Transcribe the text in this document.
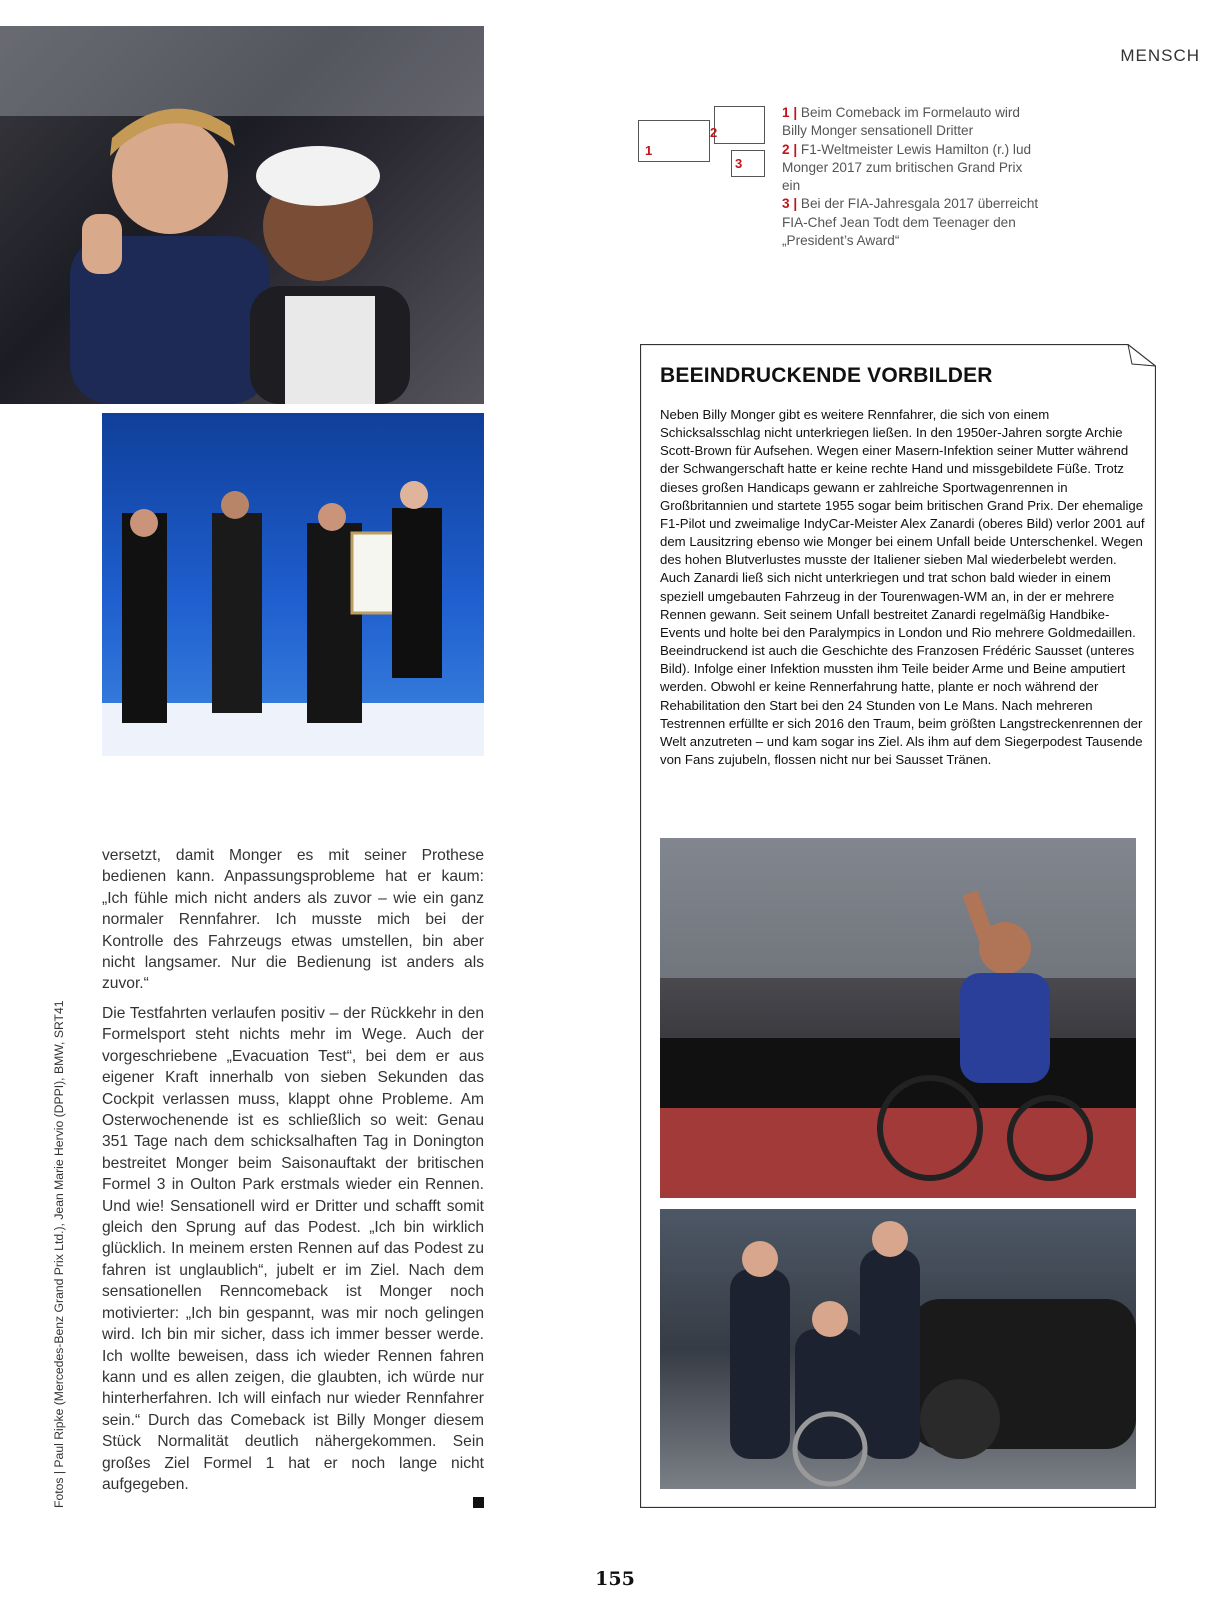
MENSCH
1
2
3

1 | Beim Comeback im Formelauto wird Billy Monger sensationell Dritter

2 | F1-Weltmeister Lewis Hamilton (r.) lud Monger 2017 zum britischen Grand Prix ein

3 | Bei der FIA-Jahresgala 2017 überreicht FIA-Chef Jean Todt dem Teenager den „President’s Award“

BEEINDRUCKENDE VORBILDER
Neben Billy Monger gibt es weitere Rennfahrer, die sich von einem Schicksalsschlag nicht unterkriegen ließen. In den 1950er-Jahren sorgte Archie Scott-Brown für Aufsehen. Wegen einer Masern-Infektion seiner Mutter während der Schwangerschaft hatte er keine rechte Hand und missgebildete Füße. Trotz dieses großen Handicaps gewann er zahlreiche Sportwagenrennen in Großbritannien und startete 1955 sogar beim britischen Grand Prix. Der ehemalige F1-Pilot und zweimalige IndyCar-Meister Alex Zanardi (oberes Bild) verlor 2001 auf dem Lausitzring ebenso wie Monger bei einem Unfall beide Unterschenkel. Wegen des hohen Blutverlustes musste der Italiener sieben Mal wiederbelebt werden. Auch Zanardi ließ sich nicht unterkriegen und trat schon bald wieder in einem speziell umgebauten Fahrzeug in der Tourenwagen-WM an, in der er mehrere Rennen gewann. Seit seinem Unfall bestreitet Zanardi regelmäßig Handbike-Events und holte bei den Paralympics in London und Rio mehrere Goldmedaillen. Beeindruckend ist auch die Geschichte des Franzosen Frédéric Sausset (unteres Bild). Infolge einer Infektion mussten ihm Teile beider Arme und Beine amputiert werden. Obwohl er keine Rennerfahrung hatte, plante er noch während der Rehabilitation den Start bei den 24 Stunden von Le Mans. Nach mehreren Testrennen erfüllte er sich 2016 den Traum, beim größten Langstreckenrennen der Welt anzutreten – und kam sogar ins Ziel. Als ihm auf dem Siegerpodest Tausende von Fans zujubeln, flossen nicht nur bei Sausset Tränen.
versetzt, damit Monger es mit seiner Prothese bedienen kann. Anpassungsprobleme hat er kaum: „Ich fühle mich nicht anders als zuvor – wie ein ganz normaler Rennfahrer. Ich musste mich bei der Kontrolle des Fahrzeugs etwas umstellen, bin aber nicht langsamer. Nur die Bedienung ist anders als zuvor.“
Die Testfahrten verlaufen positiv – der Rückkehr in den Formelsport steht nichts mehr im Wege. Auch der vorgeschriebene „Evacuation Test“, bei dem er aus eigener Kraft innerhalb von sieben Sekunden das Cockpit verlassen muss, klappt ohne Probleme. Am Osterwochenende ist es schließlich so weit: Genau 351 Tage nach dem schicksalhaften Tag in Donington bestreitet Monger beim Saisonauftakt der britischen Formel 3 in Oulton Park erstmals wieder ein Rennen. Und wie! Sensationell wird er Dritter und schafft somit gleich den Sprung auf das Podest. „Ich bin wirklich glücklich. In meinem ersten Rennen auf das Podest zu fahren ist unglaublich“, jubelt er im Ziel. Nach dem sensationellen Renncomeback ist Monger noch motivierter: „Ich bin gespannt, was mir noch gelingen wird. Ich bin mir sicher, dass ich immer besser werde. Ich wollte beweisen, dass ich wieder Rennen fahren kann und es allen zeigen, die glaubten, ich würde nur hinterherfahren. Ich will einfach nur wieder Rennfahrer sein.“ Durch das Comeback ist Billy Monger diesem Stück Normalität deutlich nähergekommen. Sein großes Ziel Formel 1 hat er noch lange nicht aufgegeben.
Fotos | Paul Ripke (Mercedes-Benz Grand Prix Ltd.), Jean Marie Hervio (DPPI), BMW, SRT41
155
